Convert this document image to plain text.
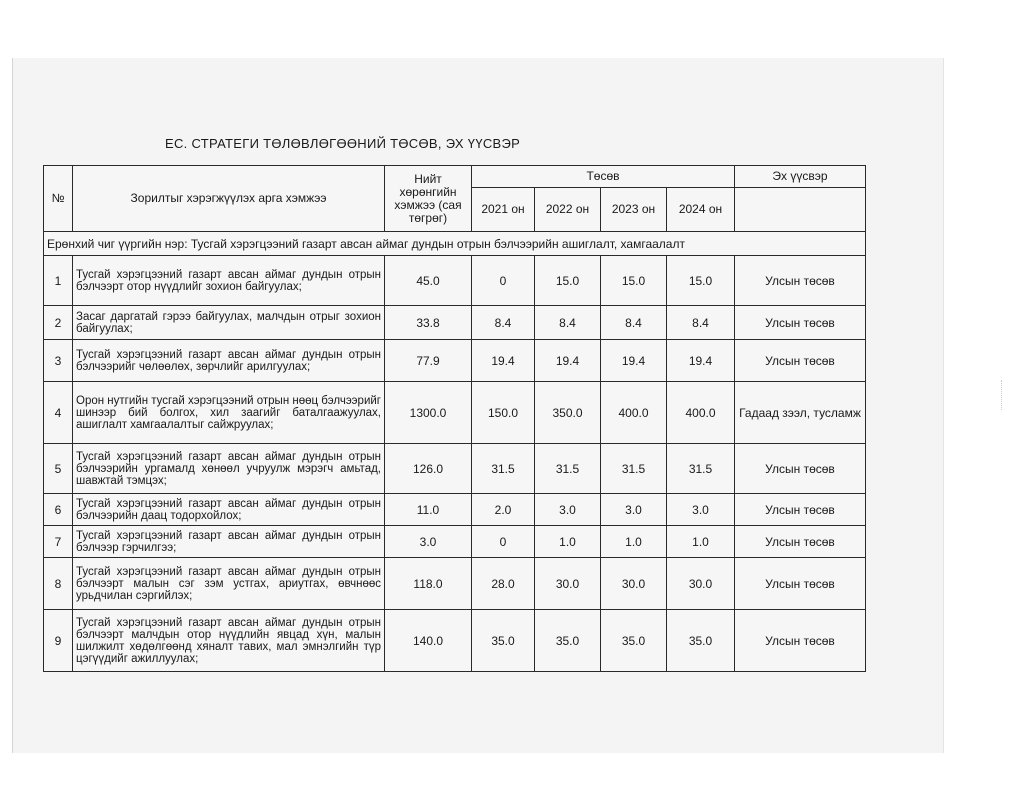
ЕС. СТРАТЕГИ ТӨЛӨВЛӨГӨӨНИЙ ТӨСӨВ, ЭХ ҮҮСВЭР
№	Зорилтыг хэрэгжүүлэх арга хэмжээ	Нийт хөрөнгийн хэмжээ (сая төгрөг)	Төсөв				Эх үүсвэр
			2021 он	2022 он	2023 он	2024 он	
Ерөнхий чиг үүргийн нэр: Тусгай хэрэгцээний газарт авсан аймаг дундын отрын бэлчээрийн ашиглалт, хамгаалалт							
1	Тусгай хэрэгцээний газарт авсан аймаг дундын отрын бэлчээрт отор нүүдлийг зохион байгуулах;	45.0	0	15.0	15.0	15.0	Улсын төсөв
2	Засаг даргатай гэрээ байгуулах, малчдын отрыг зохион байгуулах;	33.8	8.4	8.4	8.4	8.4	Улсын төсөв
3	Тусгай хэрэгцээний газарт авсан аймаг дундын отрын бэлчээрийг чөлөөлөх, зөрчлийг арилгуулах;	77.9	19.4	19.4	19.4	19.4	Улсын төсөв
4	Орон нутгийн тусгай хэрэгцээний отрын нөөц бэлчээрийг шинээр бий болгох, хил заагийг баталгаажуулах, ашиглалт хамгаалалтыг сайжруулах;	1300.0	150.0	350.0	400.0	400.0	Гадаад зээл, тусламж
5	Тусгай хэрэгцээний газарт авсан аймаг дундын отрын бэлчээрийн ургамалд хөнөөл учруулж мэрэгч амьтад, шавжтай тэмцэх;	126.0	31.5	31.5	31.5	31.5	Улсын төсөв
6	Тусгай хэрэгцээний газарт авсан аймаг дундын отрын бэлчээрийн даац тодорхойлох;	11.0	2.0	3.0	3.0	3.0	Улсын төсөв
7	Тусгай хэрэгцээний газарт авсан аймаг дундын отрын бэлчээр гэрчилгээ;	3.0	0	1.0	1.0	1.0	Улсын төсөв
8	Тусгай хэрэгцээний газарт авсан аймаг дундын отрын бэлчээрт малын сэг зэм устгах, ариутгах, өвчнөөс урьдчилан сэргийлэх;	118.0	28.0	30.0	30.0	30.0	Улсын төсөв
9	Тусгай хэрэгцээний газарт авсан аймаг дундын отрын бэлчээрт малчдын отор нүүдлийн явцад хүн, малын шилжилт хөдөлгөөнд хяналт тавих, мал эмнэлгийн түр цэгүүдийг ажиллуулах;	140.0	35.0	35.0	35.0	35.0	Улсын төсөв
